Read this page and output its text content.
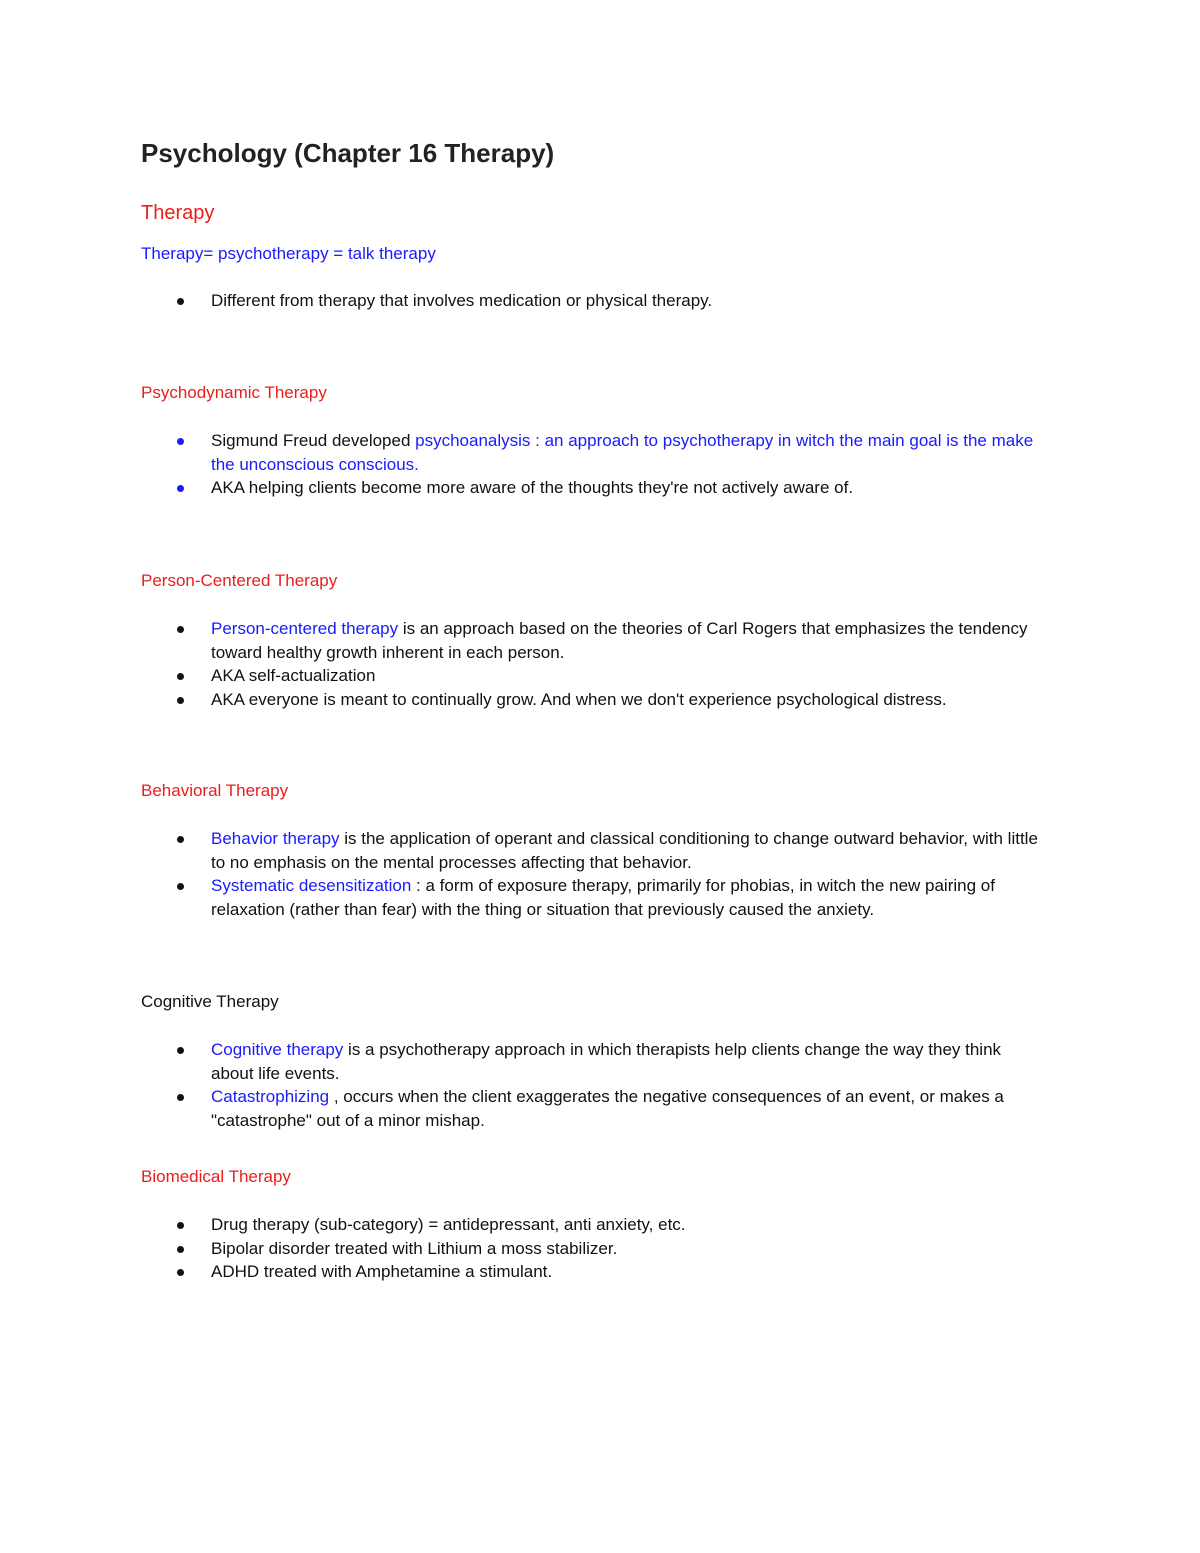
Psychology (Chapter 16 Therapy)
Therapy

Therapy= psychotherapy = talk therapy

Different from therapy that involves medication or physical therapy.
Psychodynamic Therapy
Sigmund Freud developed psychoanalysis : an approach to psychotherapy in witch the main goal is the make the unconscious conscious.
AKA helping clients become more aware of the thoughts they're not actively aware of.
Person-Centered Therapy
Person-centered therapy is an approach based on the theories of Carl Rogers that emphasizes the tendency toward healthy growth inherent in each person.
AKA self-actualization
AKA everyone is meant to continually grow. And when we don't experience psychological distress.
Behavioral Therapy
Behavior therapy is the application of operant and classical conditioning to change outward behavior, with little to no emphasis on the mental processes affecting that behavior.
Systematic desensitization : a form of exposure therapy, primarily for phobias, in witch the new pairing of relaxation (rather than fear) with the thing or situation that previously caused the anxiety.
Cognitive Therapy
Cognitive therapy is a psychotherapy approach in which therapists help clients change the way they think about life events.
Catastrophizing , occurs when the client exaggerates the negative consequences of an event, or makes a "catastrophe" out of a minor mishap.
Biomedical Therapy
Drug therapy (sub-category) = antidepressant, anti anxiety, etc.
Bipolar disorder treated with Lithium a moss stabilizer.
ADHD treated with Amphetamine a stimulant.
